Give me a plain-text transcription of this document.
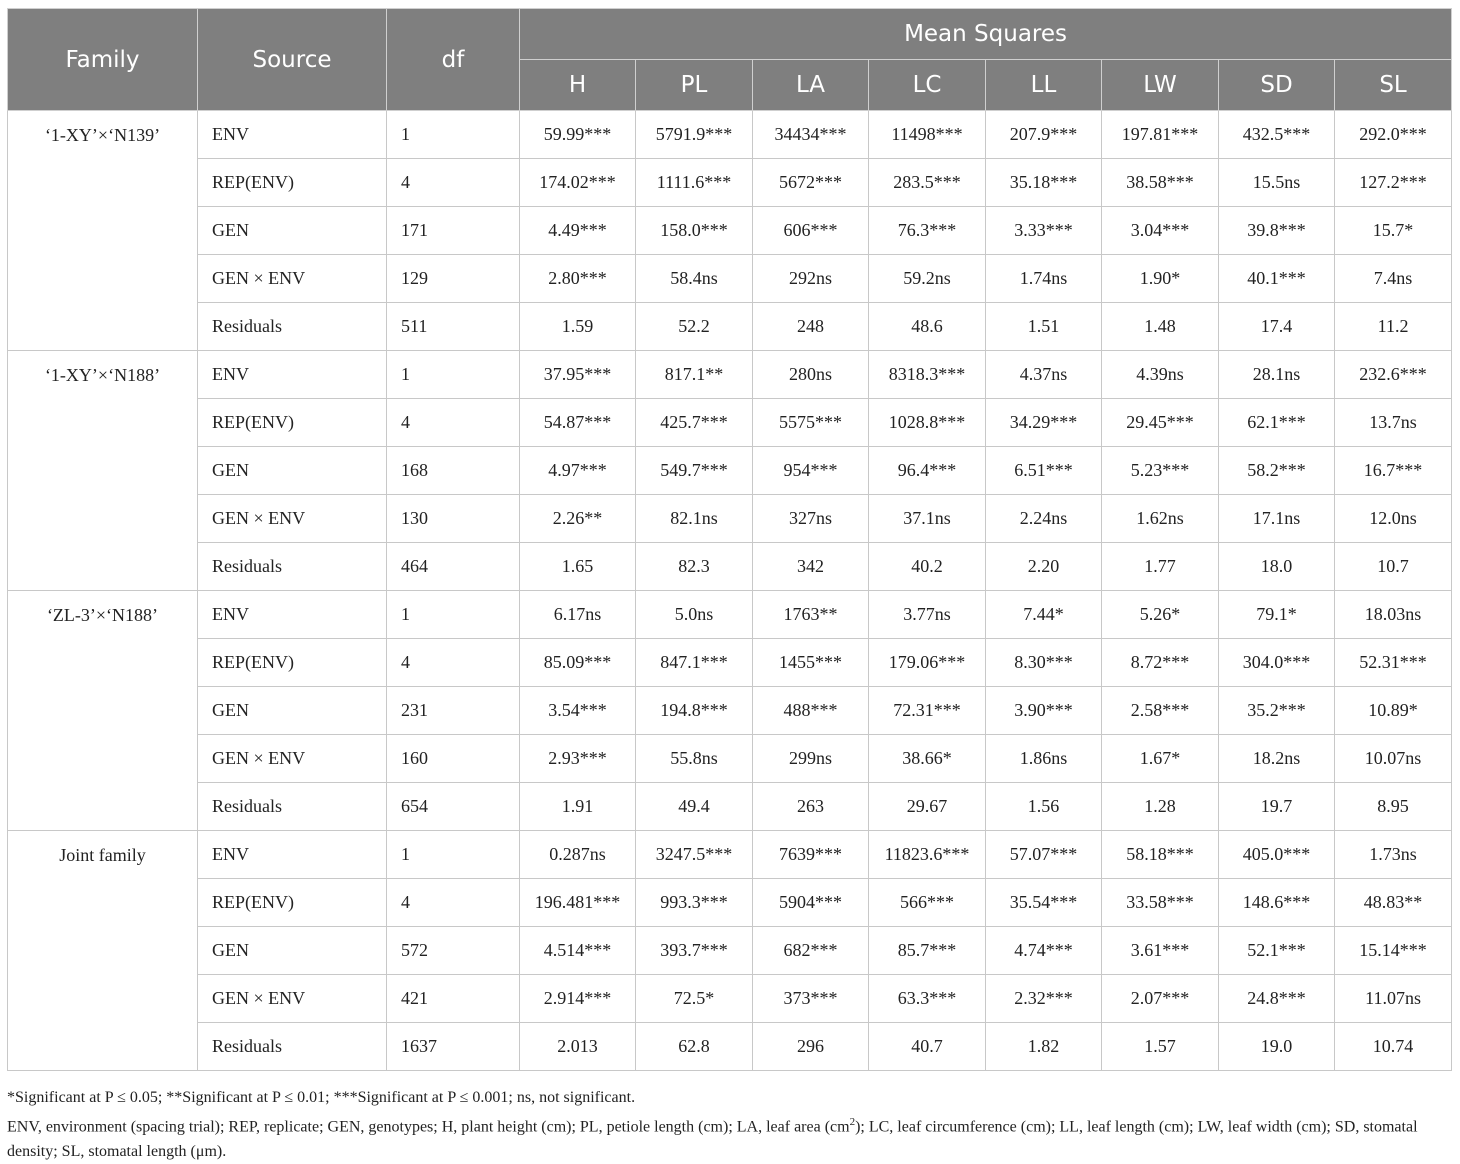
Family	Source	df	Mean Squares							
			H	PL	LA	LC	LL	LW	SD	SL
‘1-XY’×‘N139’	ENV	1	59.99***	5791.9***	34434***	11498***	207.9***	197.81***	432.5***	292.0***
	REP(ENV)	4	174.02***	1111.6***	5672***	283.5***	35.18***	38.58***	15.5ns	127.2***
	GEN	171	4.49***	158.0***	606***	76.3***	3.33***	3.04***	39.8***	15.7*
	GEN × ENV	129	2.80***	58.4ns	292ns	59.2ns	1.74ns	1.90*	40.1***	7.4ns
	Residuals	511	1.59	52.2	248	48.6	1.51	1.48	17.4	11.2
‘1-XY’×‘N188’	ENV	1	37.95***	817.1**	280ns	8318.3***	4.37ns	4.39ns	28.1ns	232.6***
	REP(ENV)	4	54.87***	425.7***	5575***	1028.8***	34.29***	29.45***	62.1***	13.7ns
	GEN	168	4.97***	549.7***	954***	96.4***	6.51***	5.23***	58.2***	16.7***
	GEN × ENV	130	2.26**	82.1ns	327ns	37.1ns	2.24ns	1.62ns	17.1ns	12.0ns
	Residuals	464	1.65	82.3	342	40.2	2.20	1.77	18.0	10.7
‘ZL-3’×‘N188’	ENV	1	6.17ns	5.0ns	1763**	3.77ns	7.44*	5.26*	79.1*	18.03ns
	REP(ENV)	4	85.09***	847.1***	1455***	179.06***	8.30***	8.72***	304.0***	52.31***
	GEN	231	3.54***	194.8***	488***	72.31***	3.90***	2.58***	35.2***	10.89*
	GEN × ENV	160	2.93***	55.8ns	299ns	38.66*	1.86ns	1.67*	18.2ns	10.07ns
	Residuals	654	1.91	49.4	263	29.67	1.56	1.28	19.7	8.95
Joint family	ENV	1	0.287ns	3247.5***	7639***	11823.6***	57.07***	58.18***	405.0***	1.73ns
	REP(ENV)	4	196.481***	993.3***	5904***	566***	35.54***	33.58***	148.6***	48.83**
	GEN	572	4.514***	393.7***	682***	85.7***	4.74***	3.61***	52.1***	15.14***
	GEN × ENV	421	2.914***	72.5*	373***	63.3***	2.32***	2.07***	24.8***	11.07ns
	Residuals	1637	2.013	62.8	296	40.7	1.82	1.57	19.0	10.74

*Significant at P ≤ 0.05; **Significant at P ≤ 0.01; ***Significant at P ≤ 0.001; ns, not significant.

ENV, environment (spacing trial); REP, replicate; GEN, genotypes; H, plant height (cm); PL, petiole length (cm); LA, leaf area $(cm^2)$; LC, leaf circumference (cm); LL, leaf length (cm); LW, leaf width (cm); SD, stomatal density; SL, stomatal length (μm).
